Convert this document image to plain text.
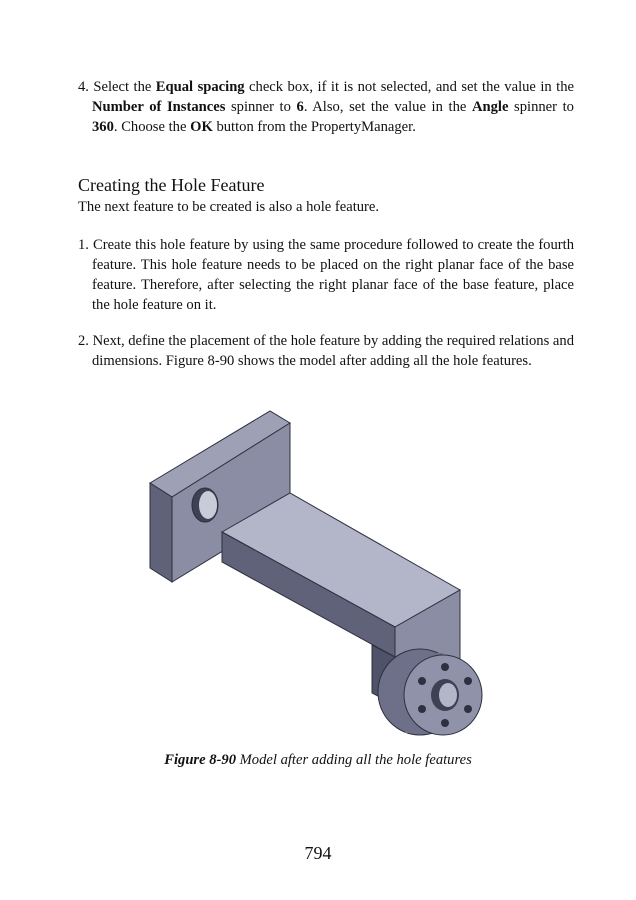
4. Select the Equal spacing check box, if it is not selected, and set the value in the Number of Instances spinner to 6. Also, set the value in the Angle spinner to 360. Choose the OK button from the PropertyManager.
Creating the Hole Feature
The next feature to be created is also a hole feature.
1. Create this hole feature by using the same procedure followed to create the fourth feature. This hole feature needs to be placed on the right planar face of the base feature. Therefore, after selecting the right planar face of the base feature, place the hole feature on it.
2. Next, define the placement of the hole feature by adding the required relations and dimensions. Figure 8-90 shows the model after adding all the hole features.
Figure 8-90 Model after adding all the hole features
794
